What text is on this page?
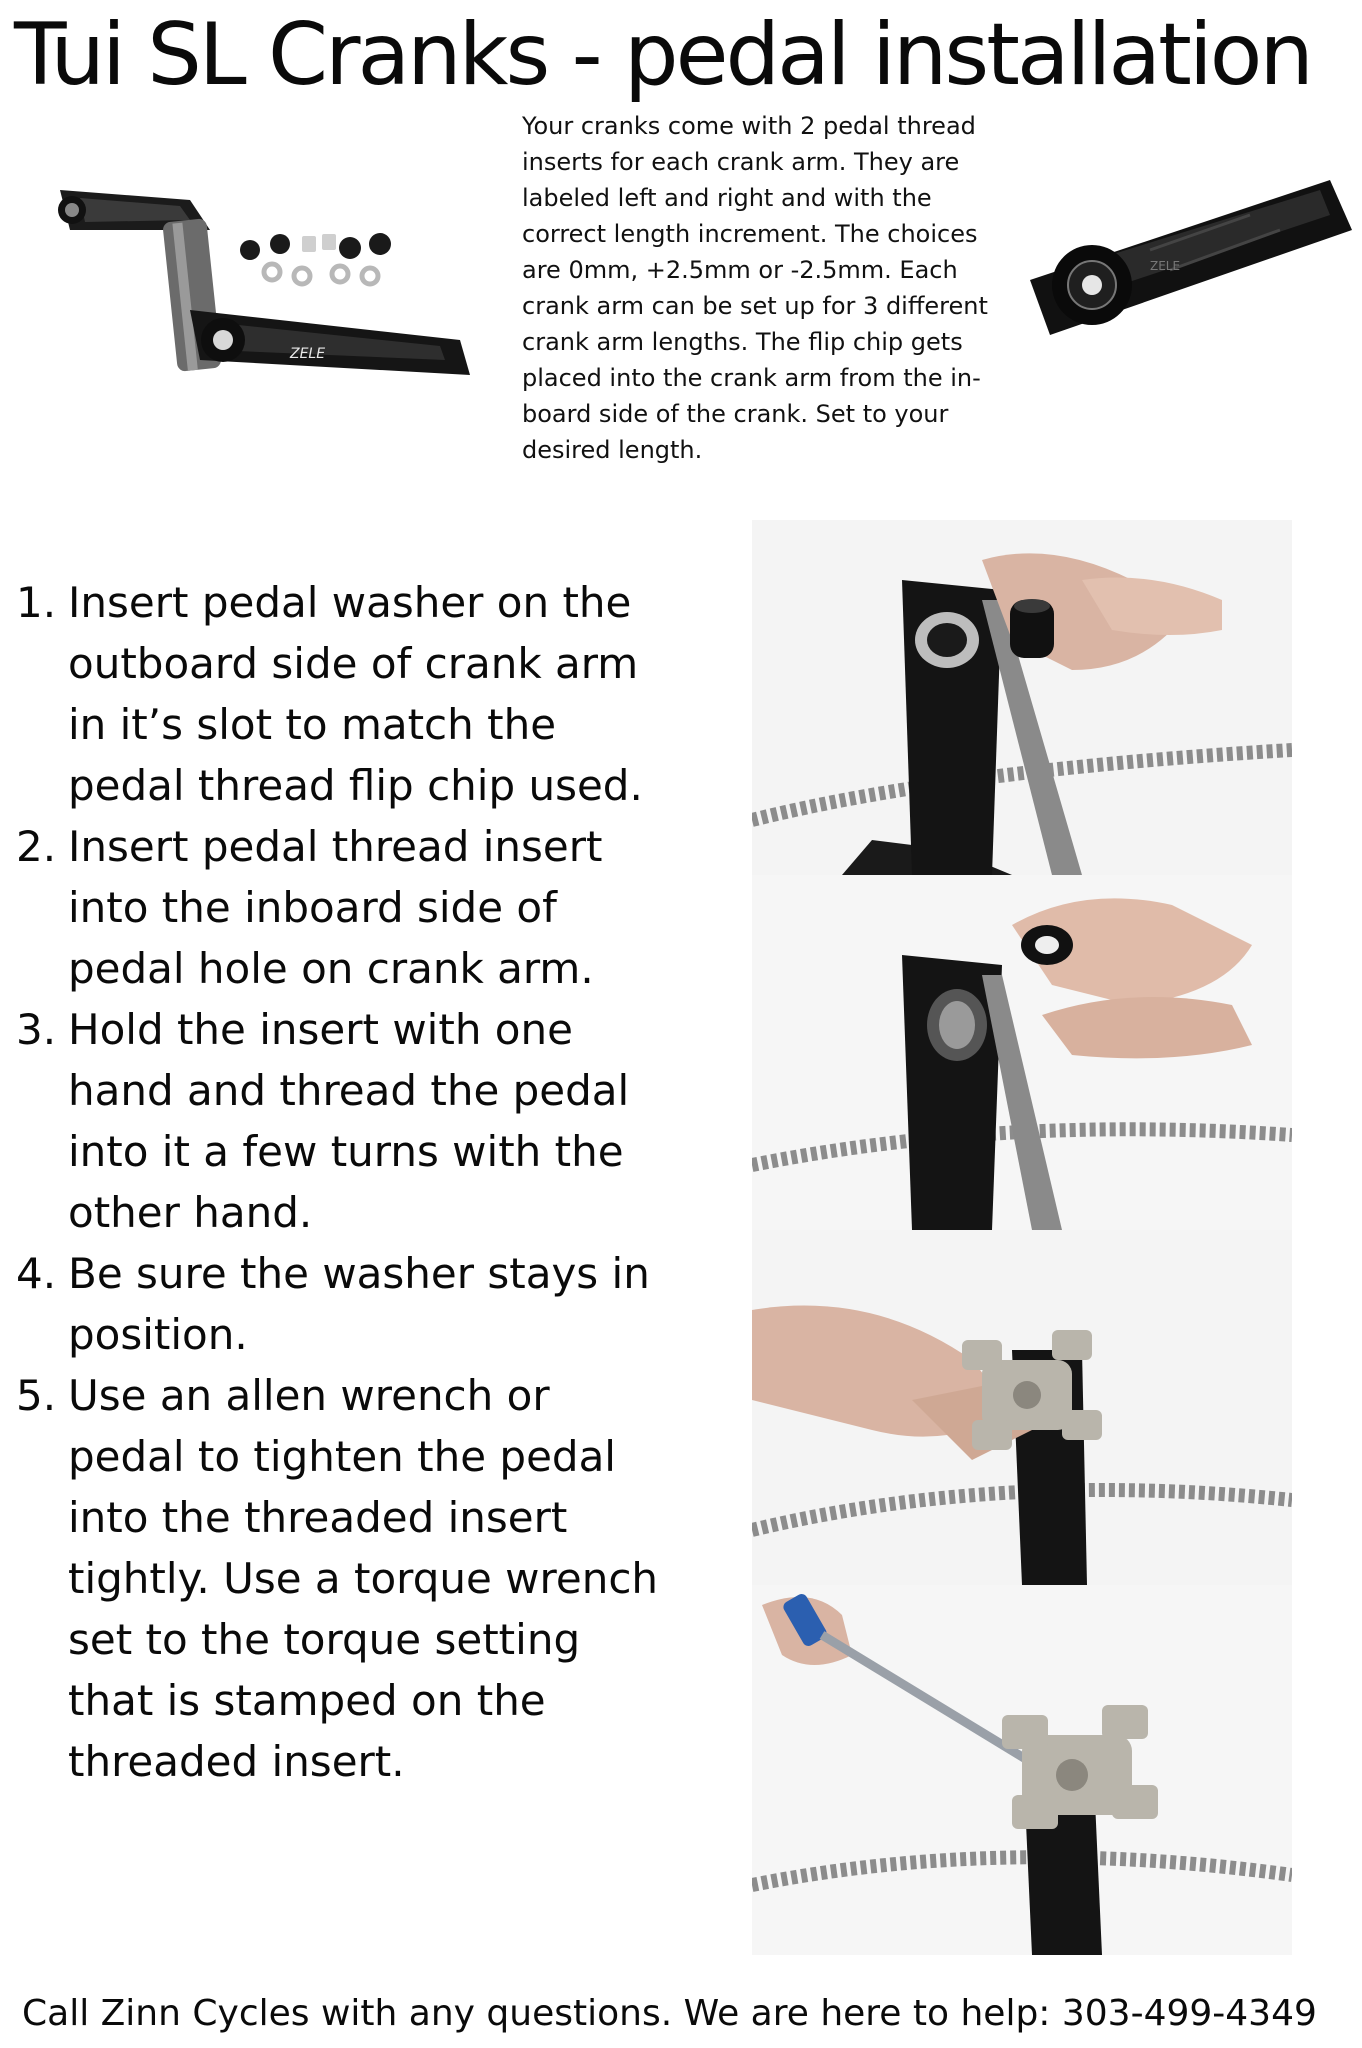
Tui SL Cranks - pedal installation
ZELE
ZELE

Your cranks come with 2 pedal thread inserts for each crank arm. They are labeled left and right and with the correct length increment. The choices are 0mm, +2.5mm or -2.5mm. Each crank arm can be set up for 3 different crank arm lengths. The flip chip gets placed into the crank arm from the in-board side of the crank. Set to your desired length.

1. Insert pedal washer on the outboard side of crank arm in it’s slot to match the pedal thread flip chip used.
2. Insert pedal thread insert into the inboard side of pedal hole on crank arm.
3. Hold the insert with one hand and thread the pedal into it a few turns with the other hand.
4. Be sure the washer stays in position.
5. Use an allen wrench or pedal to tighten the pedal into the threaded insert tightly. Use a torque wrench set to the torque setting that is stamped on the threaded insert.
Call Zinn Cycles with any questions. We are here to help: 303-499-4349
